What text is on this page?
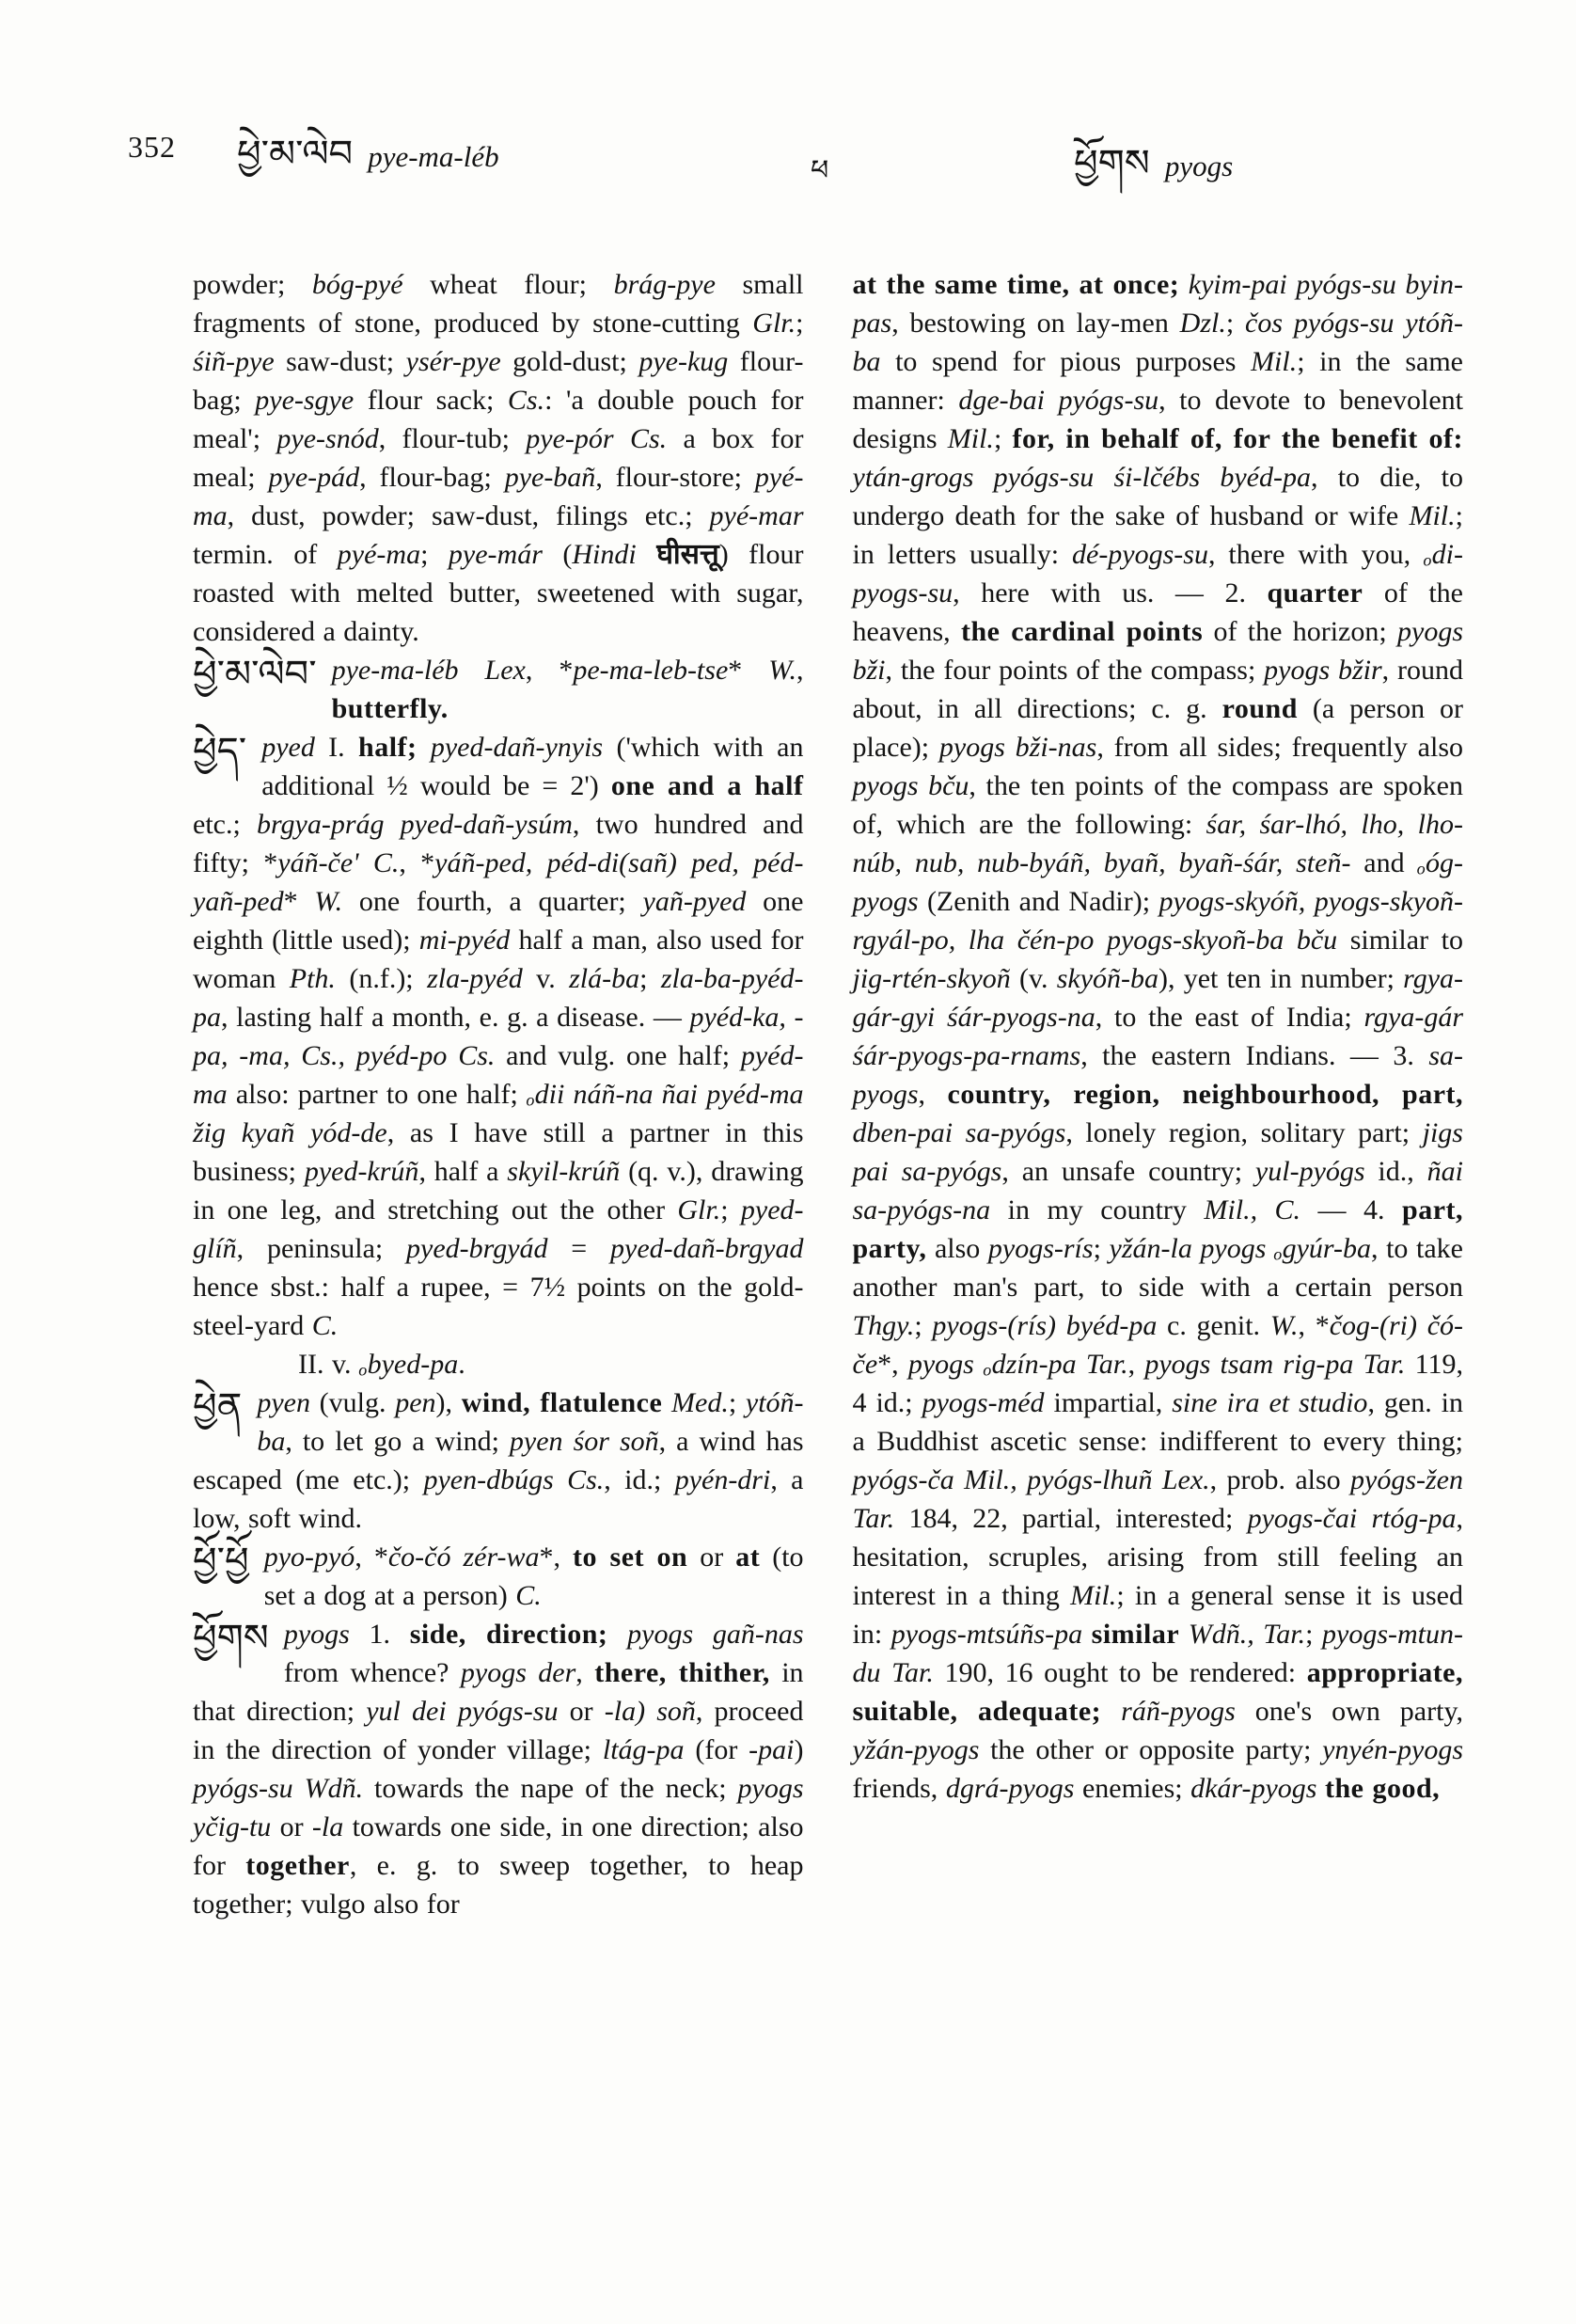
352 ཕྱེ་མ་ལེབ pye-ma-léb	ཕ	ཕྱོགས pyogs

powder; bóg-pyé wheat flour; brág-pye small fragments of stone, produced by stone-cutting Glr.; śiñ-pye saw-dust; ysér-pye gold-dust; pye-kug flour-bag; pye-sgye flour sack; Cs.: 'a double pouch for meal'; pye-snód, flour-tub; pye-pór Cs. a box for meal; pye-pád, flour-bag; pye-bañ, flour-store; pyé-ma, dust, powder; saw-dust, filings etc.; pyé-mar termin. of pyé-ma; pye-már (Hindi घीसत्तू) flour roasted with melted butter, sweetened with sugar, considered a dainty.

ཕྱེ་མ་ལེབ་ pye-ma-léb Lex, *pe-ma-leb-tse* W., butterfly.

ཕྱེད་ pyed I. half; pyed-dañ-ynyis ('which with an additional ½ would be = 2') one and a half etc.; brgya-prág pyed-dañ-ysúm, two hundred and fifty; *yáñ-če' C., *yáñ-ped, péd-di(sañ) ped, péd-yañ-ped* W. one fourth, a quarter; yañ-pyed one eighth (little used); mi-pyéd half a man, also used for woman Pth. (n.f.); zla-pyéd v. zlá-ba; zla-ba-pyéd-pa, lasting half a month, e. g. a disease. — pyéd-ka, -pa, -ma, Cs., pyéd-po Cs. and vulg. one half; pyéd-ma also: partner to one half; ₒdii náñ-na ñai pyéd-ma žig kyañ yód-de, as I have still a partner in this business; pyed-krúñ, half a skyil-krúñ (q. v.), drawing in one leg, and stretching out the other Glr.; pyed-glíñ, peninsula; pyed-brgyád = pyed-dañ-brgyad hence sbst.: half a rupee, = 7½ points on the gold-steel-yard C.

II. v. ₒbyed-pa.

ཕྱེན pyen (vulg. pen), wind, flatulence Med.; ytóñ-ba, to let go a wind; pyen śor soñ, a wind has escaped (me etc.); pyen-dbúgs Cs., id.; pyén-dri, a low, soft wind.

ཕྱོ་ཕྱོ pyo-pyó, *čo-čó zér-wa*, to set on or at (to set a dog at a person) C.

ཕྱོགས pyogs 1. side, direction; pyogs gañ-nas from whence? pyogs der, there, thither, in that direction; yul dei pyógs-su or -la) soñ, proceed in the direction of yonder village; ltág-pa (for -pai) pyógs-su Wdñ. towards the nape of the neck; pyogs yčig-tu or -la towards one side, in one direction; also for together, e. g. to sweep together, to heap together; vulgo also for

at the same time, at once; kyim-pai pyógs-su byin-pas, bestowing on lay-men Dzl.; čos pyógs-su ytóñ-ba to spend for pious purposes Mil.; in the same manner: dge-bai pyógs-su, to devote to benevolent designs Mil.; for, in behalf of, for the benefit of: ytán-grogs pyógs-su śi-lčébs byéd-pa, to die, to undergo death for the sake of husband or wife Mil.; in letters usually: dé-pyogs-su, there with you, ₒdi-pyogs-su, here with us. — 2. quarter of the heavens, the cardinal points of the horizon; pyogs bži, the four points of the compass; pyogs bžir, round about, in all directions; c. g. round (a person or place); pyogs bži-nas, from all sides; frequently also pyogs bču, the ten points of the compass are spoken of, which are the following: śar, śar-lhó, lho, lho-núb, nub, nub-byáñ, byañ, byañ-śár, steñ- and ₒóg-pyogs (Zenith and Nadir); pyogs-skyóñ, pyogs-skyoñ-rgyál-po, lha čén-po pyogs-skyoñ-ba bču similar to jig-rtén-skyoñ (v. skyóñ-ba), yet ten in number; rgya-gár-gyi śár-pyogs-na, to the east of India; rgya-gár śár-pyogs-pa-rnams, the eastern Indians. — 3. sa-pyogs, country, region, neighbourhood, part, dben-pai sa-pyógs, lonely region, solitary part; jigs pai sa-pyógs, an unsafe country; yul-pyógs id., ñai sa-pyógs-na in my country Mil., C. — 4. part, party, also pyogs-rís; yžán-la pyogs ₒgyúr-ba, to take another man's part, to side with a certain person Thgy.; pyogs-(rís) byéd-pa c. genit. W., *čog-(ri) čó-če*, pyogs ₒdzín-pa Tar., pyogs tsam rig-pa Tar. 119, 4 id.; pyogs-méd impartial, sine ira et studio, gen. in a Buddhist ascetic sense: indifferent to every thing; pyógs-ča Mil., pyógs-lhuñ Lex., prob. also pyógs-žen Tar. 184, 22, partial, interested; pyogs-čai rtóg-pa, hesitation, scruples, arising from still feeling an interest in a thing Mil.; in a general sense it is used in: pyogs-mtsúñs-pa similar Wdñ., Tar.; pyogs-mtun-du Tar. 190, 16 ought to be rendered: appropriate, suitable, adequate; ráñ-pyogs one's own party, yžán-pyogs the other or opposite party; ynyén-pyogs friends, dgrá-pyogs enemies; dkár-pyogs the good,
